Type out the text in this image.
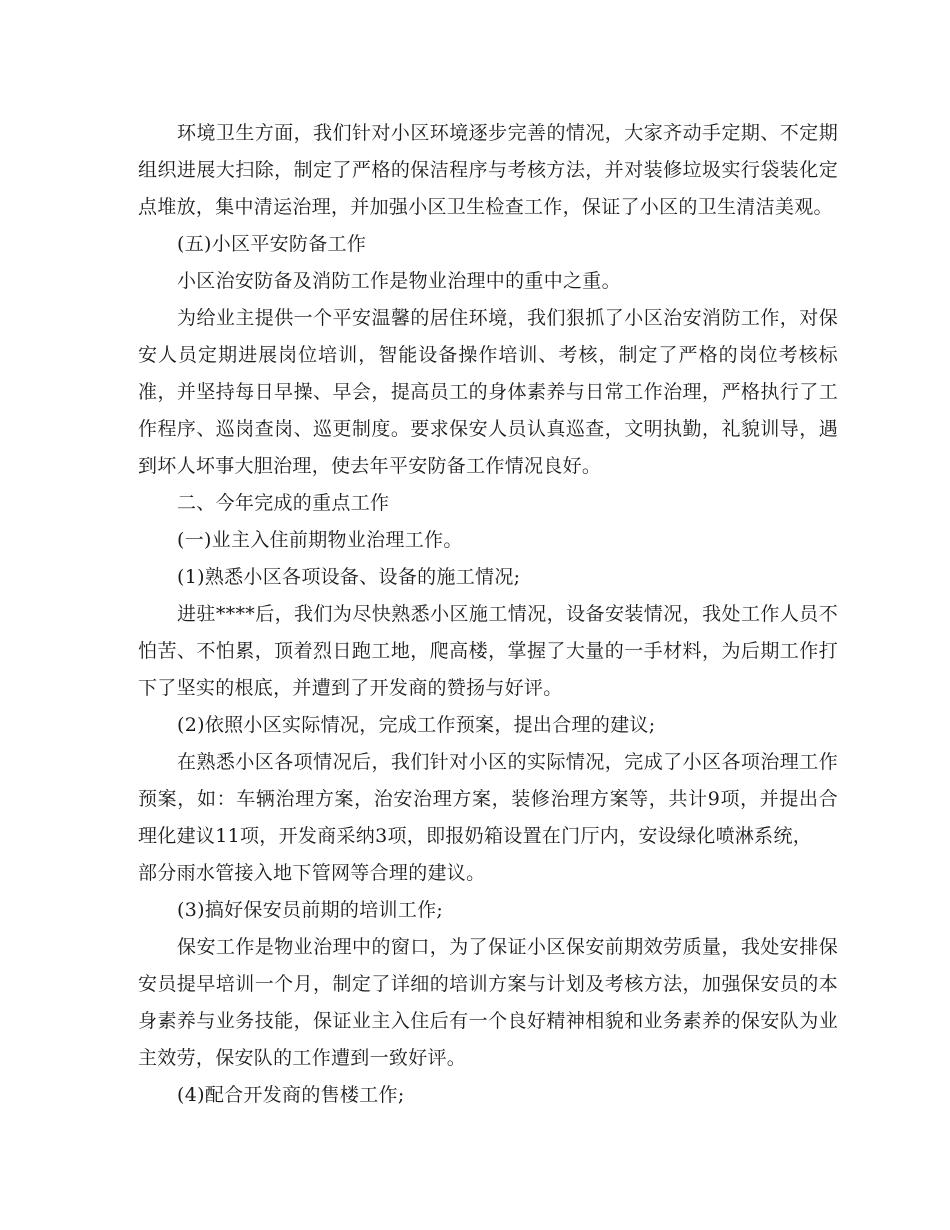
环境卫生方面，我们针对小区环境逐步完善的情况，大家齐动手定期、不定期组织进展大扫除，制定了严格的保洁程序与考核方法，并对装修垃圾实行袋装化定点堆放，集中清运治理，并加强小区卫生检查工作，保证了小区的卫生清洁美观。

(五)小区平安防备工作

小区治安防备及消防工作是物业治理中的重中之重。

为给业主提供一个平安温馨的居住环境，我们狠抓了小区治安消防工作，对保安人员定期进展岗位培训，智能设备操作培训、考核，制定了严格的岗位考核标准，并坚持每日早操、早会，提高员工的身体素养与日常工作治理，严格执行了工作程序、巡岗查岗、巡更制度。要求保安人员认真巡查，文明执勤，礼貌训导，遇到坏人坏事大胆治理，使去年平安防备工作情况良好。

二、今年完成的重点工作

(一)业主入住前期物业治理工作。

(1)熟悉小区各项设备、设备的施工情况;

进驻****后，我们为尽快熟悉小区施工情况，设备安装情况，我处工作人员不怕苦、不怕累，顶着烈日跑工地，爬高楼，掌握了大量的一手材料，为后期工作打下了坚实的根底，并遭到了开发商的赞扬与好评。

(2)依照小区实际情况，完成工作预案，提出合理的建议;

在熟悉小区各项情况后，我们针对小区的实际情况，完成了小区各项治理工作预案，如：车辆治理方案，治安治理方案，装修治理方案等，共计9项，并提出合理化建议11项，开发商采纳3项，即报奶箱设置在门厅内，安设绿化喷淋系统，

部分雨水管接入地下管网等合理的建议。

(3)搞好保安员前期的培训工作;

保安工作是物业治理中的窗口，为了保证小区保安前期效劳质量，我处安排保安员提早培训一个月，制定了详细的培训方案与计划及考核方法，加强保安员的本身素养与业务技能，保证业主入住后有一个良好精神相貌和业务素养的保安队为业主效劳，保安队的工作遭到一致好评。

(4)配合开发商的售楼工作;
